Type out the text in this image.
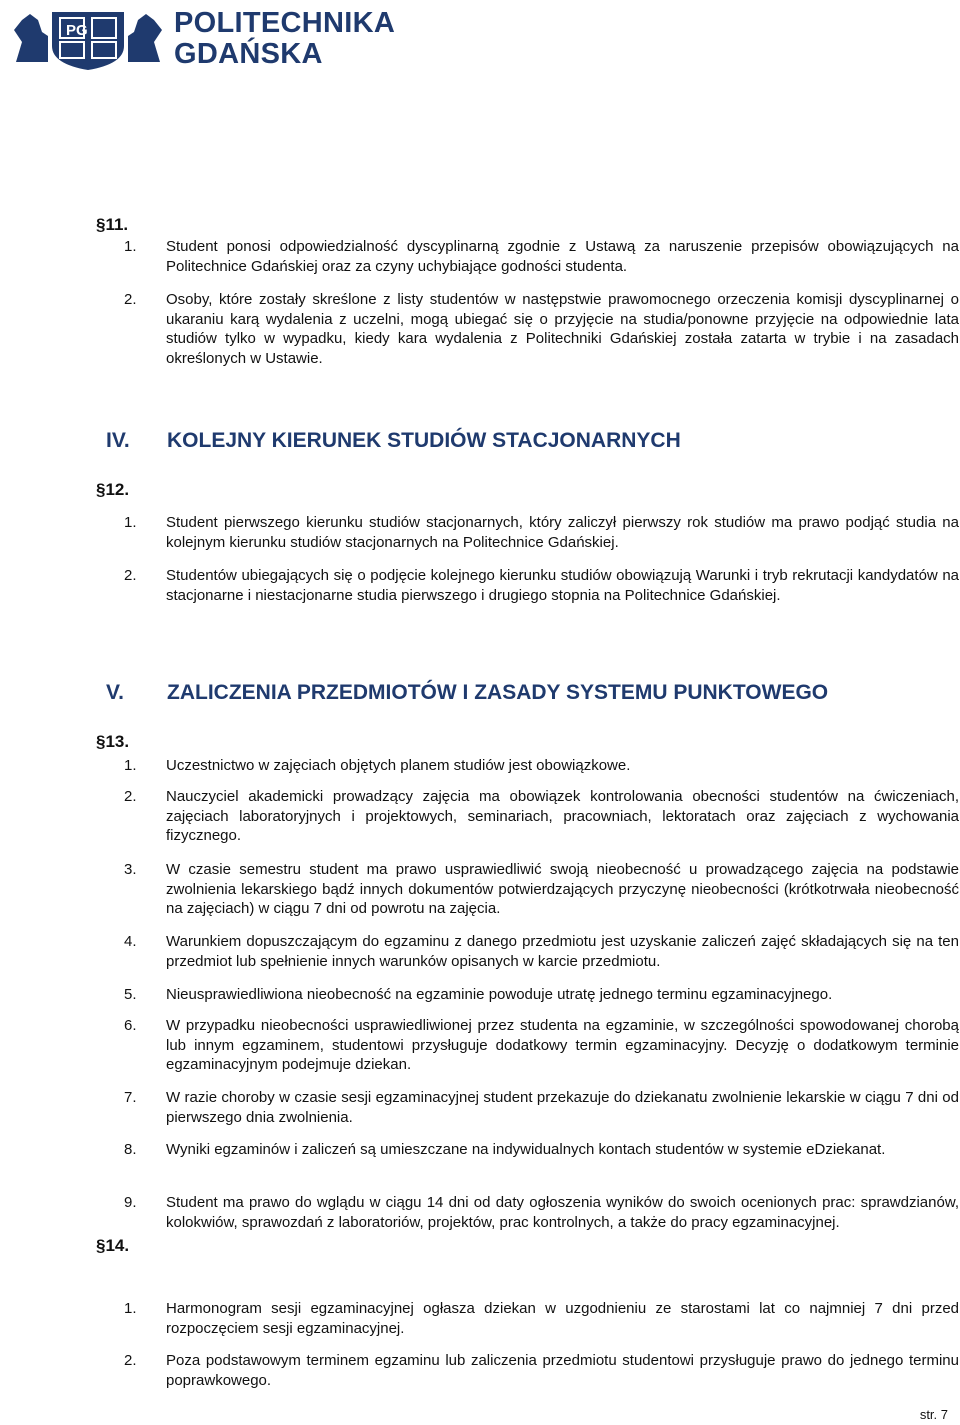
PG	POLITECHNIKA
GDAŃSKA
§11.
1. Student ponosi odpowiedzialność dyscyplinarną zgodnie z Ustawą za naruszenie przepisów obowiązujących na Politechnice Gdańskiej oraz za czyny uchybiające godności studenta.
2. Osoby, które zostały skreślone z listy studentów w następstwie prawomocnego orzeczenia komisji dyscyplinarnej o ukaraniu karą wydalenia z uczelni, mogą ubiegać się o przyjęcie na studia/ponowne przyjęcie na odpowiednie lata studiów tylko w wypadku, kiedy kara wydalenia z Politechniki Gdańskiej została zatarta w trybie i na zasadach określonych w Ustawie.
IV. KOLEJNY KIERUNEK STUDIÓW STACJONARNYCH
§12.
1. Student pierwszego kierunku studiów stacjonarnych, który zaliczył pierwszy rok studiów ma prawo podjąć studia na kolejnym kierunku studiów stacjonarnych na Politechnice Gdańskiej.
2. Studentów ubiegających się o podjęcie kolejnego kierunku studiów obowiązują Warunki i tryb rekrutacji kandydatów na stacjonarne i niestacjonarne studia pierwszego i drugiego stopnia na Politechnice Gdańskiej.
V. ZALICZENIA PRZEDMIOTÓW I ZASADY SYSTEMU PUNKTOWEGO
§13.
1. Uczestnictwo w zajęciach objętych planem studiów jest obowiązkowe.
2. Nauczyciel akademicki prowadzący zajęcia ma obowiązek kontrolowania obecności studentów na ćwiczeniach, zajęciach laboratoryjnych i projektowych, seminariach, pracowniach, lektoratach oraz zajęciach z wychowania fizycznego.
3. W czasie semestru student ma prawo usprawiedliwić swoją nieobecność u prowadzącego zajęcia na podstawie zwolnienia lekarskiego bądź innych dokumentów potwierdzających przyczynę nieobecności (krótkotrwała nieobecność na zajęciach) w ciągu 7 dni od powrotu na zajęcia.
4. Warunkiem dopuszczającym do egzaminu z danego przedmiotu jest uzyskanie zaliczeń zajęć składających się na ten przedmiot lub spełnienie innych warunków opisanych w karcie przedmiotu.
5. Nieusprawiedliwiona nieobecność na egzaminie powoduje utratę jednego terminu egzaminacyjnego.
6. W przypadku nieobecności usprawiedliwionej przez studenta na egzaminie, w szczególności spowodowanej chorobą lub innym egzaminem, studentowi przysługuje dodatkowy termin egzaminacyjny. Decyzję o dodatkowym terminie egzaminacyjnym podejmuje dziekan.
7. W razie choroby w czasie sesji egzaminacyjnej student przekazuje do dziekanatu zwolnienie lekarskie w ciągu 7 dni od pierwszego dnia zwolnienia.
8. Wyniki egzaminów i zaliczeń są umieszczane na indywidualnych kontach studentów w systemie eDziekanat.
9. Student ma prawo do wglądu w ciągu 14 dni od daty ogłoszenia wyników do swoich ocenionych prac: sprawdzianów, kolokwiów, sprawozdań z laboratoriów, projektów, prac kontrolnych, a także do pracy egzaminacyjnej.
§14.
1. Harmonogram sesji egzaminacyjnej ogłasza dziekan w uzgodnieniu ze starostami lat co najmniej 7 dni przed rozpoczęciem sesji egzaminacyjnej.
2. Poza podstawowym terminem egzaminu lub zaliczenia przedmiotu studentowi przysługuje prawo do jednego terminu poprawkowego.
str. 7
